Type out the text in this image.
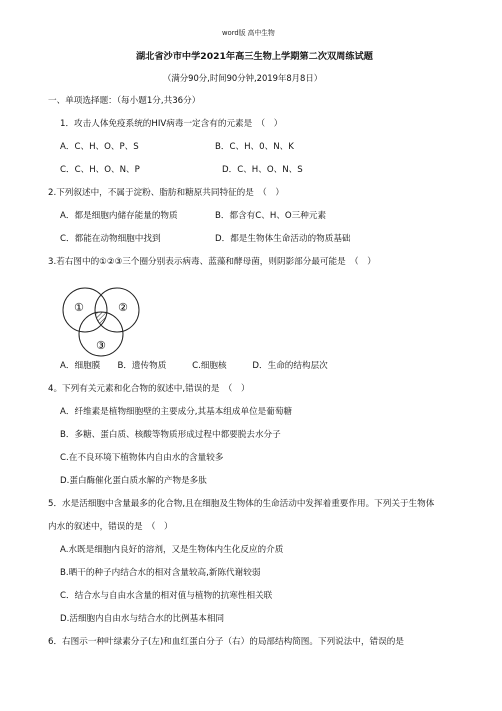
word版 高中生物
湖北省沙市中学2021年高三生物上学期第二次双周练试题
（满分90分,时间90分钟,2019年8月8日）
一、单项选择题：（每小题1分,共36分）
1．攻击人体免疫系统的HIV病毒一定含有的元素是　（　）
A．C、H、O、P、S	B．C、H、0、N、K
C．C、H、O、N、P	D．C、H、O、N、S
2.下列叙述中，不属于淀粉、脂肪和糖原共同特征的是　（　）
A．都是细胞内储存能量的物质	B．都含有C、H、O三种元素
C．都能在动物细胞中找到	D．都是生物体生命活动的物质基础
3.若右图中的①②③三个圈分别表示病毒、蓝藻和酵母菌，则阴影部分最可能是　（　）
①	②
③
A．细胞膜　　B．遗传物质　　　C.细胞核　　　D．生命的结构层次
4。下列有关元素和化合物的叙述中,错误的是　（　）
A．纤维素是植物细胞壁的主要成分,其基本组成单位是葡萄糖
B．多糖、蛋白质、核酸等物质形成过程中都要脱去水分子
C.在不良环境下植物体内自由水的含量较多
D.蛋白酶催化蛋白质水解的产物是多肽
5．水是活细胞中含量最多的化合物,且在细胞及生物体的生命活动中发挥着重要作用。下列关于生物体
内水的叙述中，错误的是　（　）
A.水既是细胞内良好的溶剂，又是生物体内生化反应的介质
B.晒干的种子内结合水的相对含量较高,新陈代谢较弱
C．结合水与自由水含量的相对值与植物的抗寒性相关联
D.活细胞内自由水与结合水的比例基本相同
6．右图示一种叶绿素分子(左)和血红蛋白分子（右）的局部结构简图。下列说法中，错误的是
